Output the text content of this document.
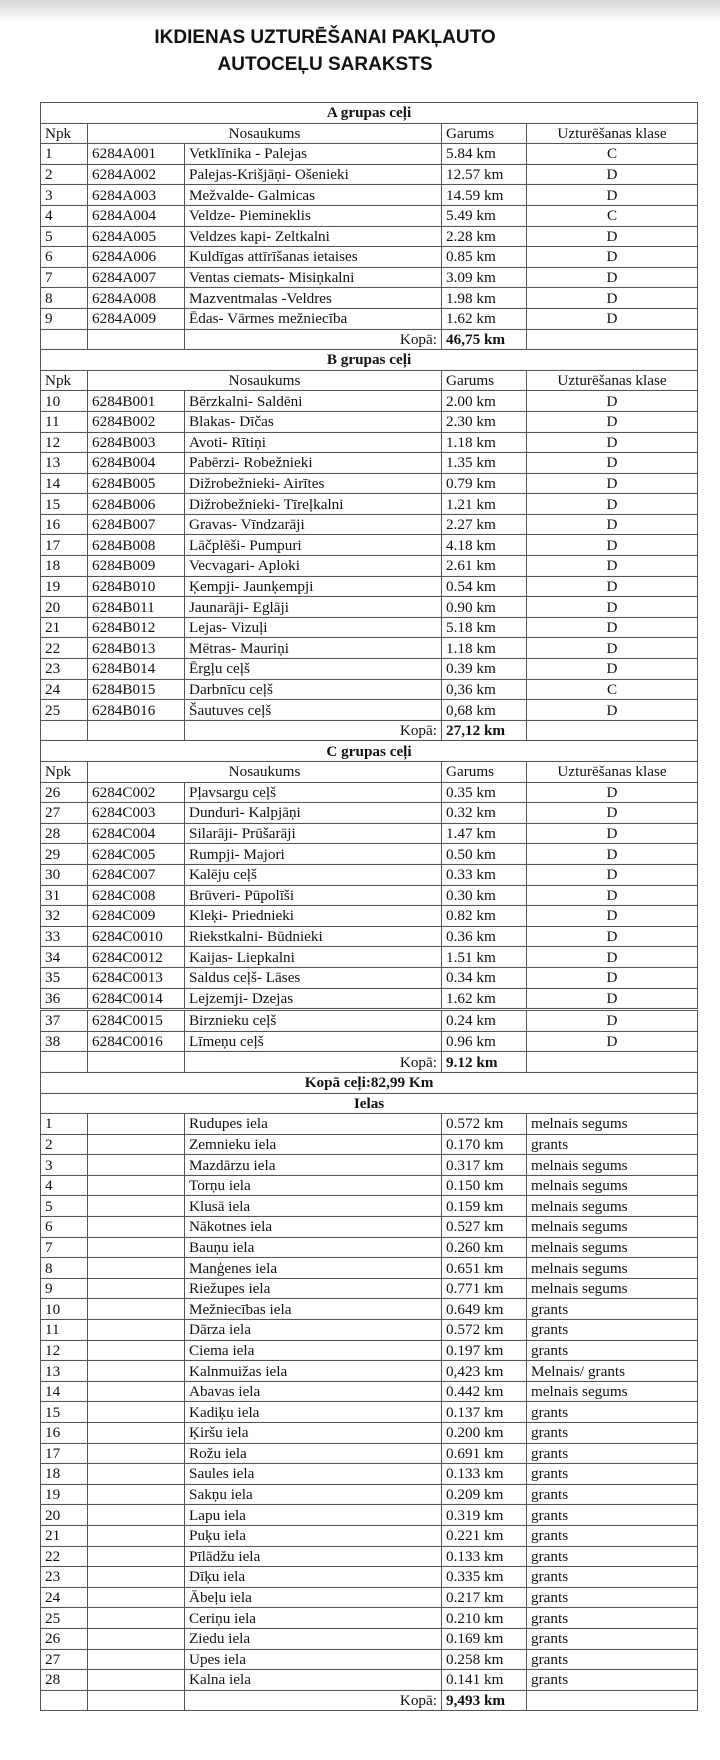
IKDIENAS UZTURĒŠANAI PAKĻAUTO
AUTOCEĻU SARAKSTS
A grupas ceļi				
Npk	Nosaukums		Garums	Uzturēšanas klase
1	6284A001	Vetklīnika - Palejas	5.84 km	C
2	6284A002	Palejas-Krišjāņi- Ošenieki	12.57 km	D
3	6284A003	Mežvalde- Galmicas	14.59 km	D
4	6284A004	Veldze- Piemineklis	5.49 km	C
5	6284A005	Veldzes kapi- Zeltkalni	2.28 km	D
6	6284A006	Kuldīgas attīrīšanas ietaises	0.85 km	D
7	6284A007	Ventas ciemats- Misiņkalni	3.09 km	D
8	6284A008	Mazventmalas -Veldres	1.98 km	D
9	6284A009	Ēdas- Vārmes mežniecība	1.62 km	D
		Kopā:	46,75 km	
B grupas ceļi				
Npk	Nosaukums		Garums	Uzturēšanas klase
10	6284B001	Bērzkalni- Saldēni	2.00 km	D
11	6284B002	Blakas- Dīčas	2.30 km	D
12	6284B003	Avoti- Rītiņi	1.18 km	D
13	6284B004	Pabērzi- Robežnieki	1.35 km	D
14	6284B005	Dižrobežnieki- Airītes	0.79 km	D
15	6284B006	Dižrobežnieki- Tīreļkalni	1.21 km	D
16	6284B007	Gravas- Vīndzarāji	2.27 km	D
17	6284B008	Lāčplēši- Pumpuri	4.18 km	D
18	6284B009	Vecvagari- Aploki	2.61 km	D
19	6284B010	Ķempji- Jaunķempji	0.54 km	D
20	6284B011	Jaunarāji- Eglāji	0.90 km	D
21	6284B012	Lejas- Vizuļi	5.18 km	D
22	6284B013	Mētras- Mauriņi	1.18 km	D
23	6284B014	Ērgļu ceļš	0.39 km	D
24	6284B015	Darbnīcu ceļš	0,36 km	C
25	6284B016	Šautuves ceļš	0,68 km	D
		Kopā:	27,12 km	
C grupas ceļi				
Npk	Nosaukums		Garums	Uzturēšanas klase
26	6284C002	Pļavsargu ceļš	0.35 km	D
27	6284C003	Dunduri- Kalpjāņi	0.32 km	D
28	6284C004	Silarāji- Prūšarāji	1.47 km	D
29	6284C005	Rumpji- Majori	0.50 km	D
30	6284C007	Kalēju ceļš	0.33 km	D
31	6284C008	Brūveri- Pūpolīši	0.30 km	D
32	6284C009	Kleķi- Priednieki	0.82 km	D
33	6284C0010	Riekstkalni- Būdnieki	0.36 km	D
34	6284C0012	Kaijas- Liepkalni	1.51 km	D
35	6284C0013	Saldus ceļš- Lāses	0.34 km	D
36	6284C0014	Lejzemji- Dzejas	1.62 km	D
37	6284C0015	Birznieku ceļš	0.24 km	D
38	6284C0016	Līmeņu ceļš	0.96 km	D
		Kopā:	9.12 km	
Kopā ceļi:82,99 Km				
Ielas				
1		Rudupes iela	0.572 km	melnais segums
2		Zemnieku iela	0.170 km	grants
3		Mazdārzu iela	0.317 km	melnais segums
4		Torņu iela	0.150 km	melnais segums
5		Klusā iela	0.159 km	melnais segums
6		Nākotnes iela	0.527 km	melnais segums
7		Bauņu iela	0.260 km	melnais segums
8		Manģenes iela	0.651 km	melnais segums
9		Riežupes iela	0.771 km	melnais segums
10		Mežniecības iela	0.649 km	grants
11		Dārza iela	0.572 km	grants
12		Ciema iela	0.197 km	grants
13		Kalnmuižas iela	0,423 km	Melnais/ grants
14		Abavas iela	0.442 km	melnais segums
15		Kadiķu iela	0.137 km	grants
16		Ķiršu iela	0.200 km	grants
17		Rožu iela	0.691 km	grants
18		Saules iela	0.133 km	grants
19		Sakņu iela	0.209 km	grants
20		Lapu iela	0.319 km	grants
21		Puķu iela	0.221 km	grants
22		Pīlādžu iela	0.133 km	grants
23		Dīķu iela	0.335 km	grants
24		Ābeļu iela	0.217 km	grants
25		Ceriņu iela	0.210 km	grants
26		Ziedu iela	0.169 km	grants
27		Upes iela	0.258 km	grants
28		Kalna iela	0.141 km	grants
		Kopā:	9,493 km	
